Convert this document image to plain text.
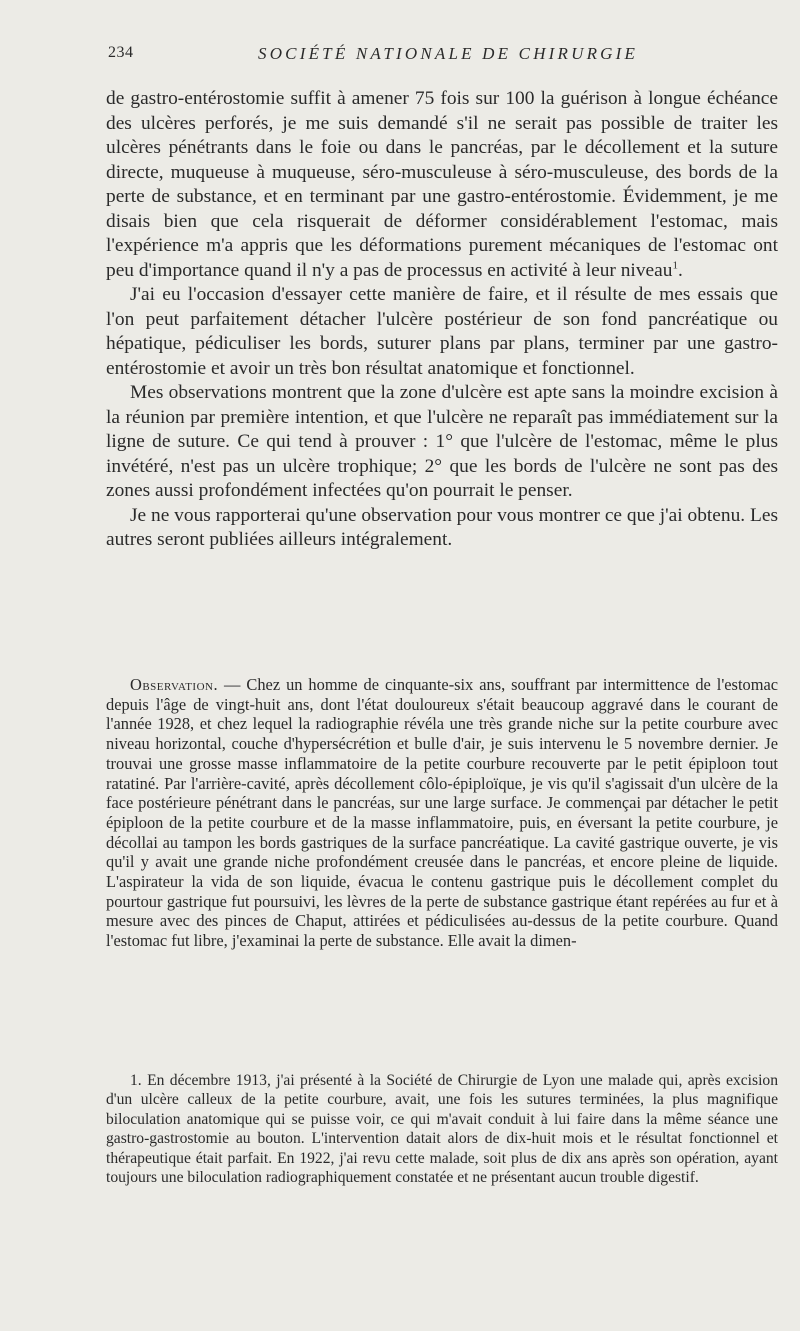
234	SOCIÉTÉ NATIONALE DE CHIRURGIE

de gastro-entérostomie suffit à amener 75 fois sur 100 la guérison à longue échéance des ulcères perforés, je me suis demandé s'il ne serait pas possible de traiter les ulcères pénétrants dans le foie ou dans le pancréas, par le décollement et la suture directe, muqueuse à muqueuse, séro-musculeuse à séro-musculeuse, des bords de la perte de substance, et en terminant par une gastro-entérostomie. Évidemment, je me disais bien que cela risquerait de déformer considérablement l'estomac, mais l'expérience m'a appris que les déformations purement mécaniques de l'estomac ont peu d'importance quand il n'y a pas de processus en activité à leur niveau$^1$.

J'ai eu l'occasion d'essayer cette manière de faire, et il résulte de mes essais que l'on peut parfaitement détacher l'ulcère postérieur de son fond pancréatique ou hépatique, pédiculiser les bords, suturer plans par plans, terminer par une gastro-entérostomie et avoir un très bon résultat anatomique et fonctionnel.

Mes observations montrent que la zone d'ulcère est apte sans la moindre excision à la réunion par première intention, et que l'ulcère ne reparaît pas immédiatement sur la ligne de suture. Ce qui tend à prouver : 1° que l'ulcère de l'estomac, même le plus invétéré, n'est pas un ulcère trophique; 2° que les bords de l'ulcère ne sont pas des zones aussi profondément infectées qu'on pourrait le penser.

Je ne vous rapporterai qu'une observation pour vous montrer ce que j'ai obtenu. Les autres seront publiées ailleurs intégralement.

Observation. — Chez un homme de cinquante-six ans, souffrant par intermittence de l'estomac depuis l'âge de vingt-huit ans, dont l'état douloureux s'était beaucoup aggravé dans le courant de l'année 1928, et chez lequel la radiographie révéla une très grande niche sur la petite courbure avec niveau horizontal, couche d'hypersécrétion et bulle d'air, je suis intervenu le 5 novembre dernier. Je trouvai une grosse masse inflammatoire de la petite courbure recouverte par le petit épiploon tout ratatiné. Par l'arrière-cavité, après décollement côlo-épiploïque, je vis qu'il s'agissait d'un ulcère de la face postérieure pénétrant dans le pancréas, sur une large surface. Je commençai par détacher le petit épiploon de la petite courbure et de la masse inflammatoire, puis, en éversant la petite courbure, je décollai au tampon les bords gastriques de la surface pancréatique. La cavité gastrique ouverte, je vis qu'il y avait une grande niche profondément creusée dans le pancréas, et encore pleine de liquide. L'aspirateur la vida de son liquide, évacua le contenu gastrique puis le décollement complet du pourtour gastrique fut poursuivi, les lèvres de la perte de substance gastrique étant repérées au fur et à mesure avec des pinces de Chaput, attirées et pédiculisées au-dessus de la petite courbure. Quand l'estomac fut libre, j'examinai la perte de substance. Elle avait la dimen-

1. En décembre 1913, j'ai présenté à la Société de Chirurgie de Lyon une malade qui, après excision d'un ulcère calleux de la petite courbure, avait, une fois les sutures terminées, la plus magnifique biloculation anatomique qui se puisse voir, ce qui m'avait conduit à lui faire dans la même séance une gastro-gastrostomie au bouton. L'intervention datait alors de dix-huit mois et le résultat fonctionnel et thérapeutique était parfait. En 1922, j'ai revu cette malade, soit plus de dix ans après son opération, ayant toujours une biloculation radiographiquement constatée et ne présentant aucun trouble digestif.
